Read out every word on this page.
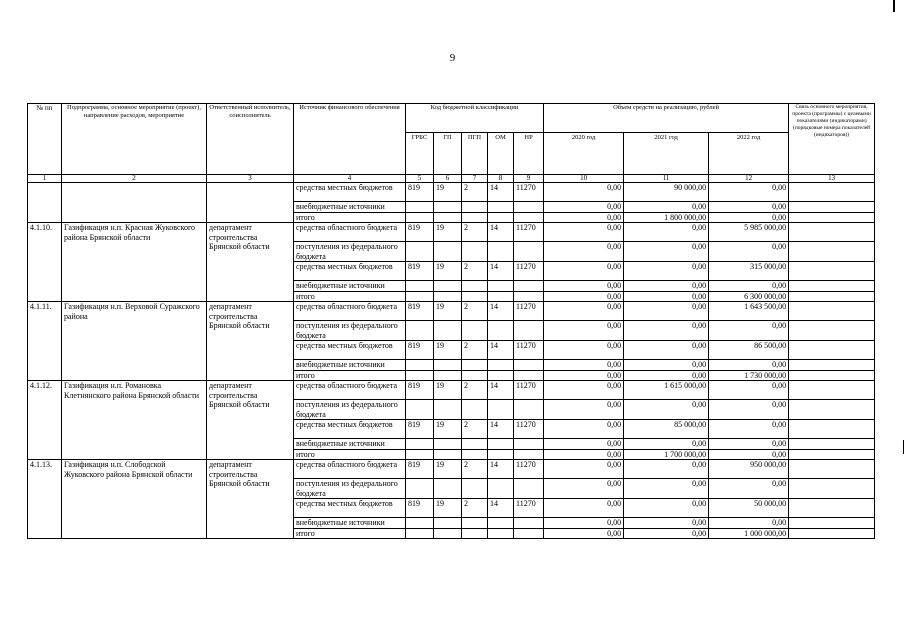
9
№ пп	Подпрограмма, основное мероприятие (проект), направление расходов, мероприятие	Ответственный исполнитель, соисполнитель	Источник финансового обеспечения	Код бюджетной классификации					Объем средств на реализацию, рублей			Связь основного мероприятия, проекта (программы) с целевыми показателями (индикаторами) (порядковые номера показателей (индикаторов))
				ГРБС	ГП	ПГП	ОМ	НР	2020 год	2021 год	2022 год	
1	2	3	4	5	6	7	8	9	10	11	12	13
			средства местных бюджетов	819	19	2	14	11270	0,00	90 000,00	0,00	
			внебюджетные источники						0,00	0,00	0,00	
			итого						0,00	1 800 000,00	0,00	
4.1.10.	Газификация н.п. Красная Жуковского района Брянской области	департамент строительства Брянской области	средства областного бюджета	819	19	2	14	11270	0,00	0,00	5 985 000,00	
			поступления из федерального бюджета						0,00	0,00	0,00	
			средства местных бюджетов	819	19	2	14	11270	0,00	0,00	315 000,00	
			внебюджетные источники						0,00	0,00	0,00	
			итого						0,00	0,00	6 300 000,00	
4.1.11.	Газификация н.п. Верховой Суражского района	департамент строительства Брянской области	средства областного бюджета	819	19	2	14	11270	0,00	0,00	1 643 500,00	
			поступления из федерального бюджета						0,00	0,00	0,00	
			средства местных бюджетов	819	19	2	14	11270	0,00	0,00	86 500,00	
			внебюджетные источники						0,00	0,00	0,00	
			итого						0,00	0,00	1 730 000,00	
4.1.12.	Газификация н.п. Романовка Клетнянского района Брянской области	департамент строительства Брянской области	средства областного бюджета	819	19	2	14	11270	0,00	1 615 000,00	0,00	
			поступления из федерального бюджета						0,00	0,00	0,00	
			средства местных бюджетов	819	19	2	14	11270	0,00	85 000,00	0,00	
			внебюджетные источники						0,00	0,00	0,00	
			итого						0,00	1 700 000,00	0,00	
4.1.13.	Газификация н.п. Слободской Жуковского района Брянской области	департамент строительства Брянской области	средства областного бюджета	819	19	2	14	11270	0,00	0,00	950 000,00	
			поступления из федерального бюджета						0,00	0,00	0,00	
			средства местных бюджетов	819	19	2	14	11270	0,00	0,00	50 000,00	
			внебюджетные источники						0,00	0,00	0,00	
			итого						0,00	0,00	1 000 000,00	
